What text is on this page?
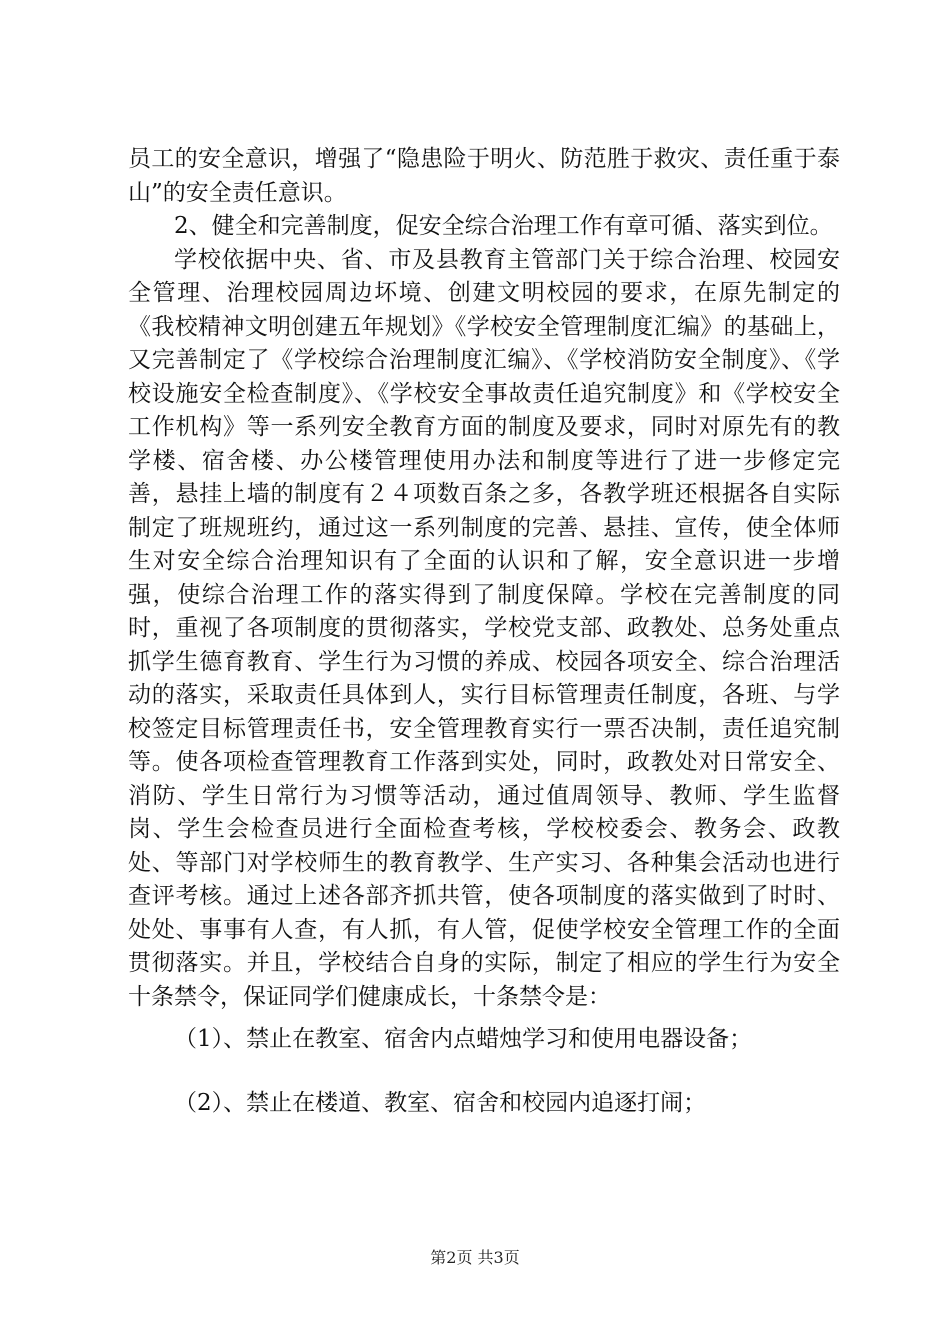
员工的安全意识，增强了“隐患险于明火、防范胜于救灾、责任重于泰山”的安全责任意识。

2、健全和完善制度，促安全综合治理工作有章可循、落实到位。

学校依据中央、省、市及县教育主管部门关于综合治理、校园安全管理、治理校园周边坏境、创建文明校园的要求，在原先制定的《我校精神文明创建五年规划》《学校安全管理制度汇编》的基础上，又完善制定了《学校综合治理制度汇编》、《学校消防安全制度》、《学校设施安全检查制度》、《学校安全事故责任追究制度》和《学校安全工作机构》等一系列安全教育方面的制度及要求，同时对原先有的教学楼、宿舍楼、办公楼管理使用办法和制度等进行了进一步修定完善，悬挂上墙的制度有２４项数百条之多，各教学班还根据各自实际制定了班规班约，通过这一系列制度的完善、悬挂、宣传，使全体师生对安全综合治理知识有了全面的认识和了解，安全意识进一步增强，使综合治理工作的落实得到了制度保障。学校在完善制度的同时，重视了各项制度的贯彻落实，学校党支部、政教处、总务处重点抓学生德育教育、学生行为习惯的养成、校园各项安全、综合治理活动的落实，采取责任具体到人，实行目标管理责任制度，各班、与学校签定目标管理责任书，安全管理教育实行一票否决制，责任追究制等。使各项检查管理教育工作落到实处，同时，政教处对日常安全、消防、学生日常行为习惯等活动，通过值周领导、教师、学生监督岗、学生会检查员进行全面检查考核，学校校委会、教务会、政教处、等部门对学校师生的教育教学、生产实习、各种集会活动也进行查评考核。通过上述各部齐抓共管，使各项制度的落实做到了时时、处处、事事有人查，有人抓，有人管，促使学校安全管理工作的全面贯彻落实。并且，学校结合自身的实际，制定了相应的学生行为安全十条禁令，保证同学们健康成长，十条禁令是：

（1）、禁止在教室、宿舍内点蜡烛学习和使用电器设备；

（2）、禁止在楼道、教室、宿舍和校园内追逐打闹；

第2页 共3页
